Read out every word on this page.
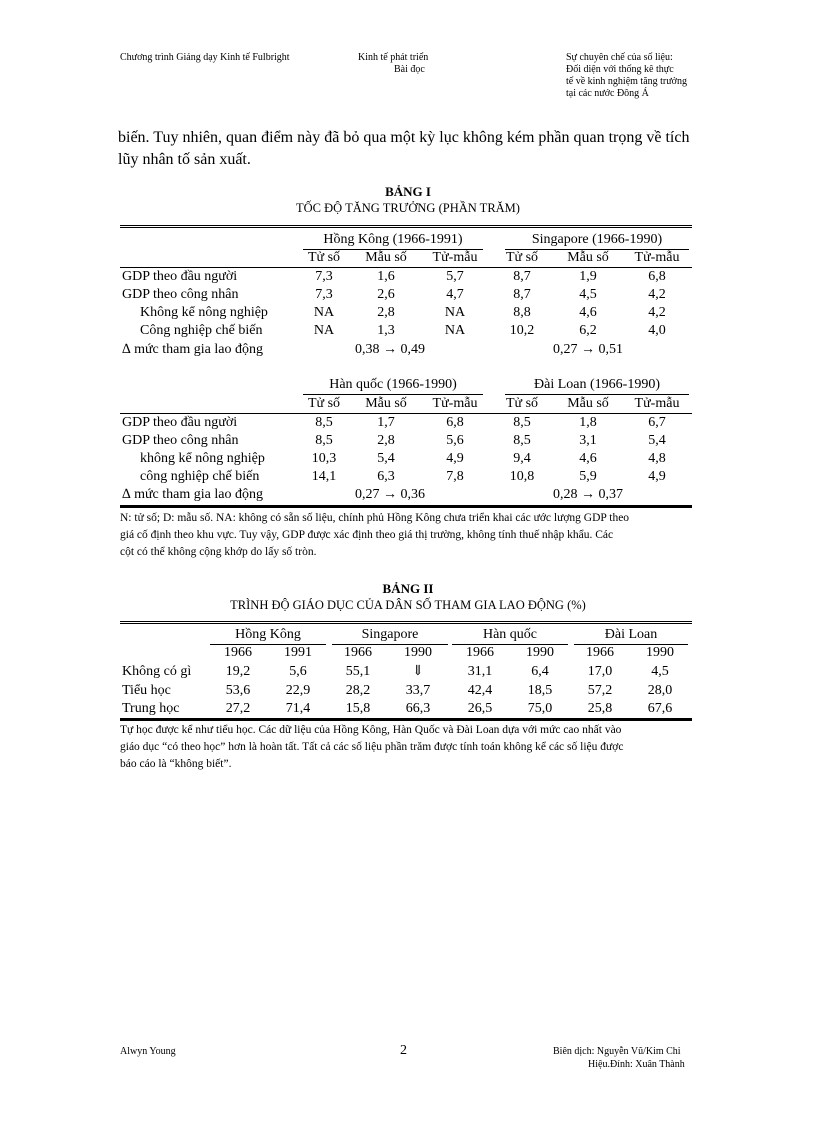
Chương trình Giảng dạy Kinh tế Fulbright	Kinh tế phát triển
Bài đọc
Sự chuyên chế của số liệu:
Đối diện với thống kê thực
tế về kinh nghiệm tăng trưởng
tại các nước Đông Á
biến. Tuy nhiên, quan điểm này đã bỏ qua một kỳ lục không kém phần quan trọng về tích
lũy nhân tố sản xuất.
BẢNG I
TỐC ĐỘ TĂNG TRƯỞNG (PHẦN TRĂM)
Hồng Kông (1966-1991)	Singapore (1966-1990)
Tử số	Mẫu số	Tử-mẫu	Tử số	Mẫu số	Tử-mẫu
GDP theo đầu người	7,3	1,6	5,7	8,7	1,9	6,8
GDP theo công nhân	7,3	2,6	4,7	8,7	4,5	4,2
Không kể nông nghiệp	NA	2,8	NA	8,8	4,6	4,2
Công nghiệp chế biến	NA	1,3	NA	10,2	6,2	4,0
∆ mức tham gia lao động	0,38 → 0,49	0,27 → 0,51
Hàn quốc (1966-1990)	Đài Loan (1966-1990)
Tử số	Mẫu số	Tử-mẫu	Tử số	Mẫu số	Tử-mẫu
GDP theo đầu người	8,5	1,7	6,8	8,5	1,8	6,7
GDP theo công nhân	8,5	2,8	5,6	8,5	3,1	5,4
không kể nông nghiệp	10,3	5,4	4,9	9,4	4,6	4,8
công nghiệp chế biến	14,1	6,3	7,8	10,8	5,9	4,9
∆ mức tham gia lao động	0,27 → 0,36	0,28 → 0,37
N: tử số; D: mẫu số. NA: không có sẵn số liệu, chính phủ Hồng Kông chưa triển khai các ước lượng GDP theo
giá cố định theo khu vực. Tuy vậy, GDP được xác định theo giá thị trường, không tính thuế nhập khẩu. Các
cột có thể không cộng khớp do lấy số tròn.
BẢNG II
TRÌNH ĐỘ GIÁO DỤC CỦA DÂN SỐ THAM GIA LAO ĐỘNG (%)
Hồng Kông	Singapore	Hàn quốc	Đài Loan
1966	1991	1966	1990	1966	1990	1966	1990
Không có gì	19,2	5,6	55,1	⇓	31,1	6,4	17,0	4,5
Tiểu học	53,6	22,9	28,2	33,7	42,4	18,5	57,2	28,0
Trung học	27,2	71,4	15,8	66,3	26,5	75,0	25,8	67,6
Tự học được kể như tiểu học. Các dữ liệu của Hồng Kông, Hàn Quốc và Đài Loan dựa với mức cao nhất vào
giáo dục “có theo học” hơn là hoàn tất. Tất cả các số liệu phần trăm được tính toán không kể các số liệu được
báo cáo là “không biết”.
Alwyn Young	2	Biên dịch: Nguyễn Vũ/Kim Chi
Hiệu.Đính: Xuân Thành
